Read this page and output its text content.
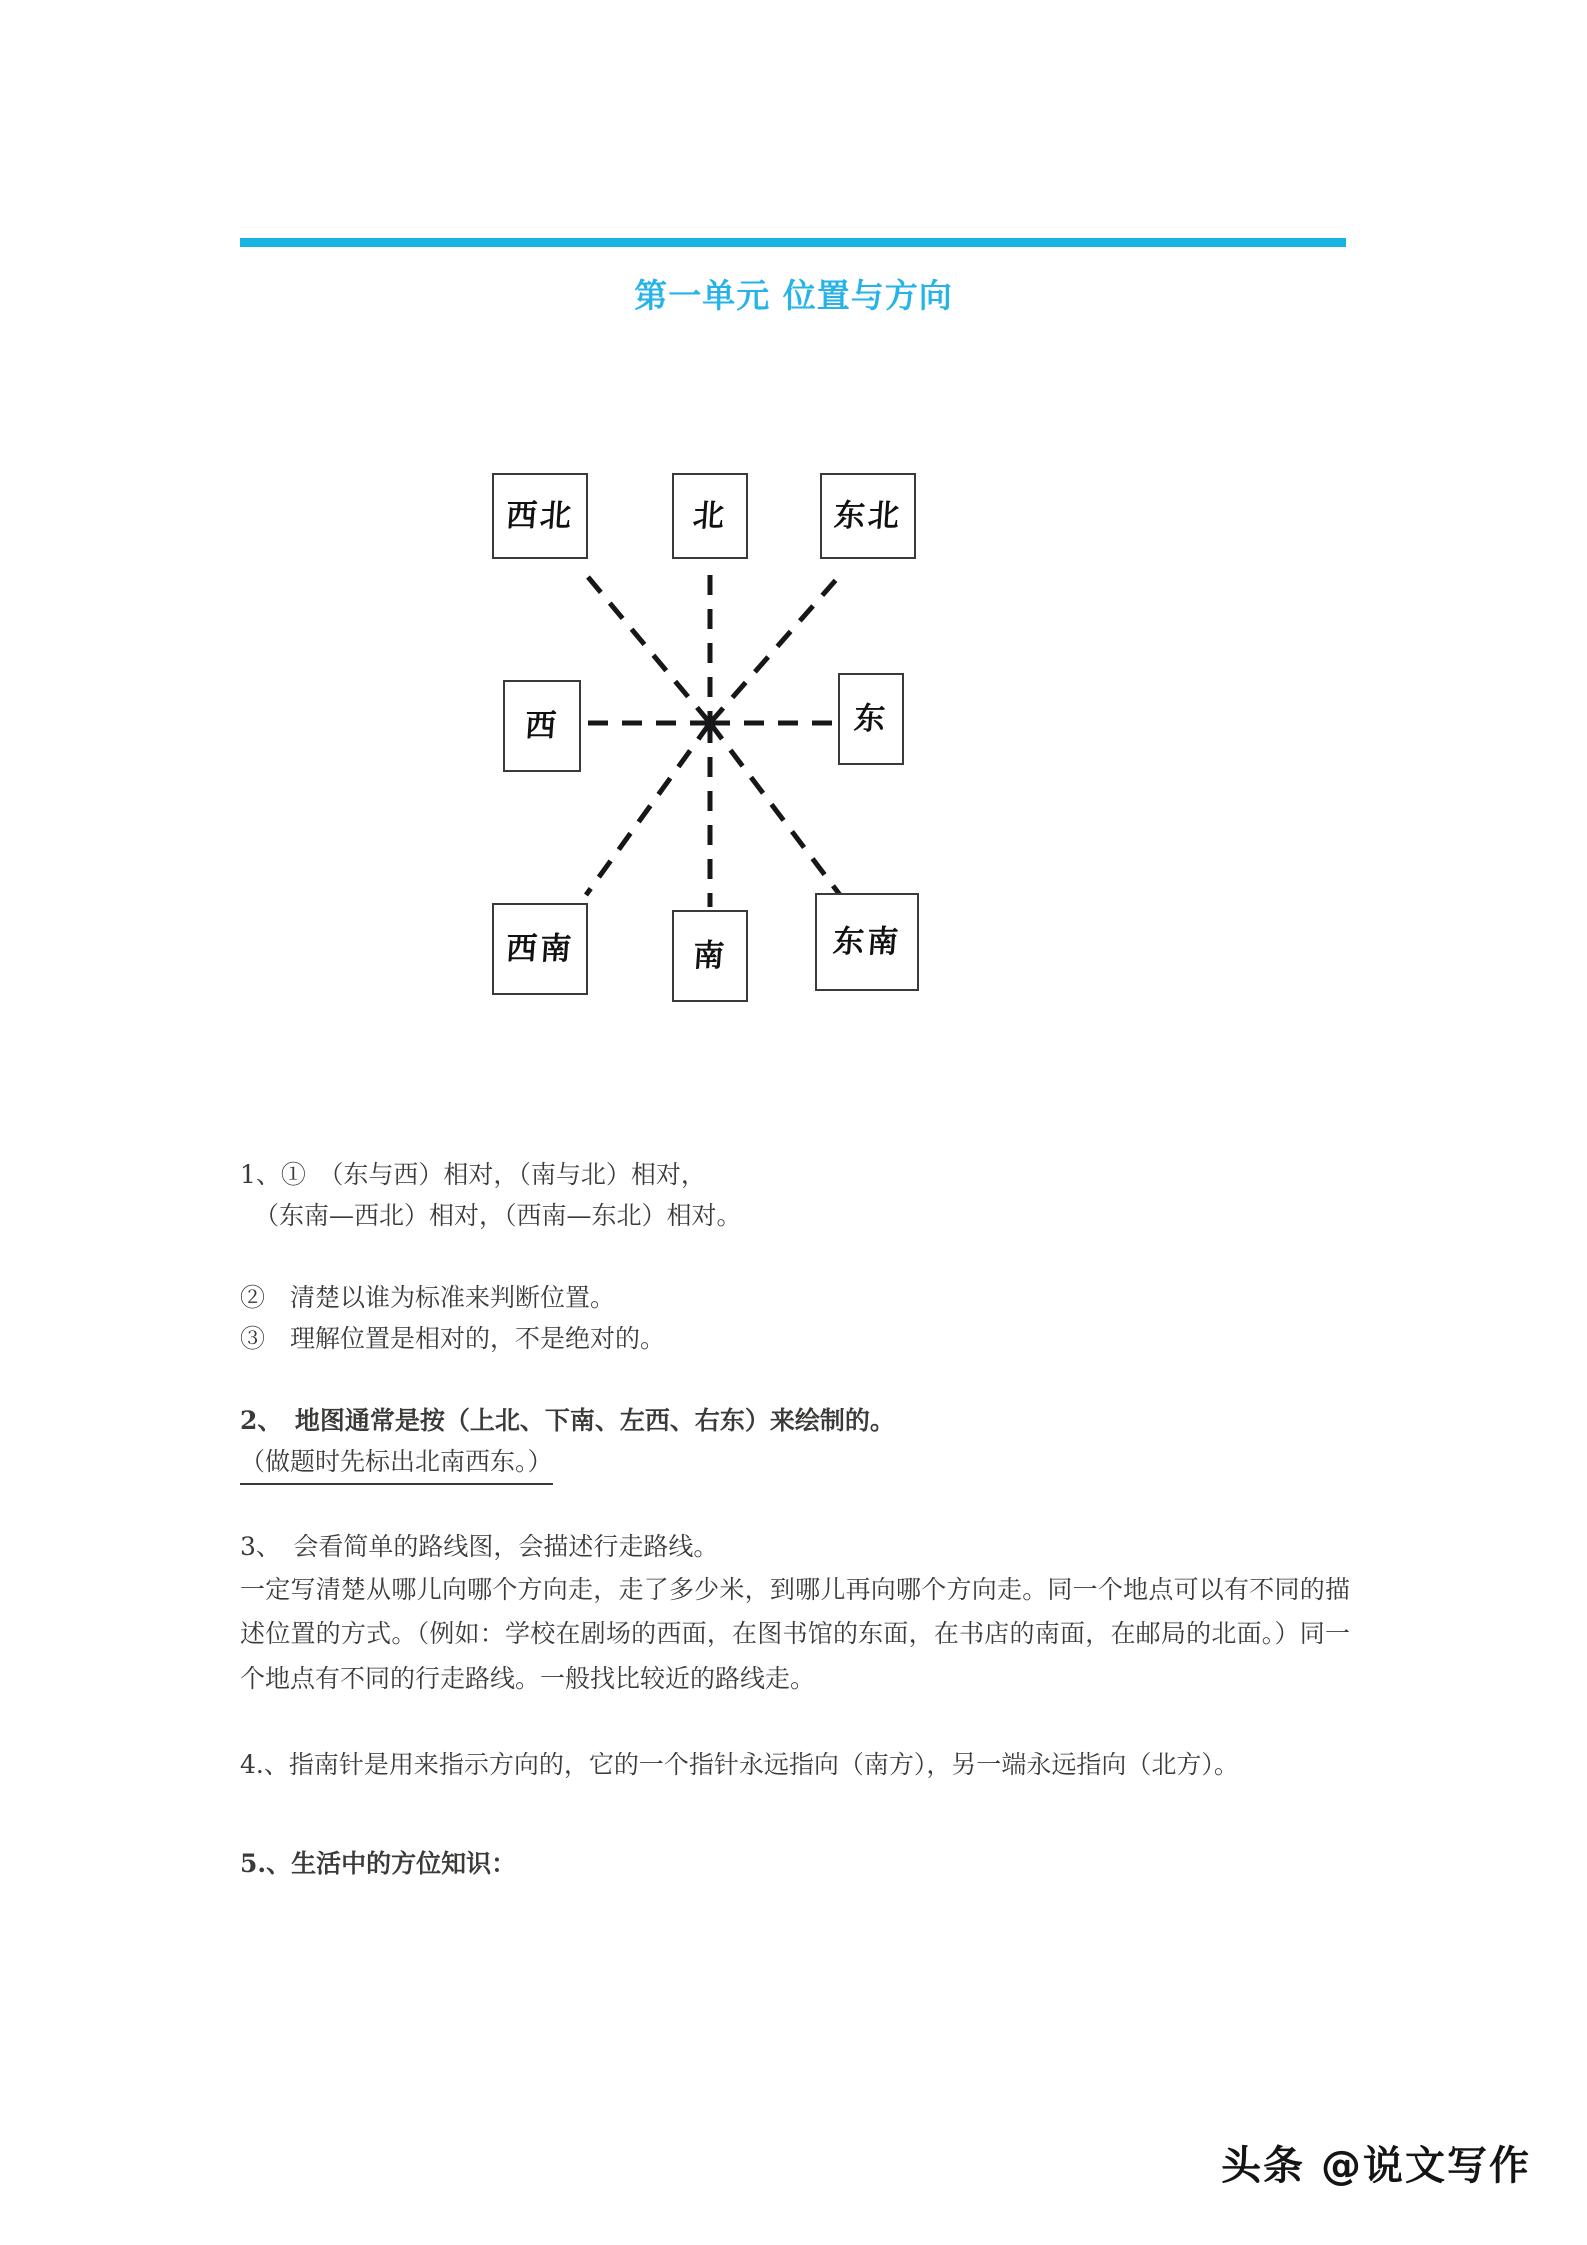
第一单元 位置与方向
西北	北	东北
西	东
西南	南	东南

1、①　（东与西）相对，（南与北）相对，

（东南—西北）相对，（西南—东北）相对。

②　清楚以谁为标准来判断位置。

③　理解位置是相对的，不是绝对的。

2、　地图通常是按（上北、下南、左西、右东）来绘制的。

（做题时先标出北南西东。）

3、　会看简单的路线图，会描述行走路线。

一定写清楚从哪儿向哪个方向走，走了多少米，到哪儿再向哪个方向走。同一个地点可以有不同的描述位置的方式。（例如：学校在剧场的西面，在图书馆的东面，在书店的南面，在邮局的北面。）同一个地点有不同的行走路线。一般找比较近的路线走。

4.、指南针是用来指示方向的，它的一个指针永远指向（南方），另一端永远指向（北方）。

5.、生活中的方位知识：

头条 @说文写作
